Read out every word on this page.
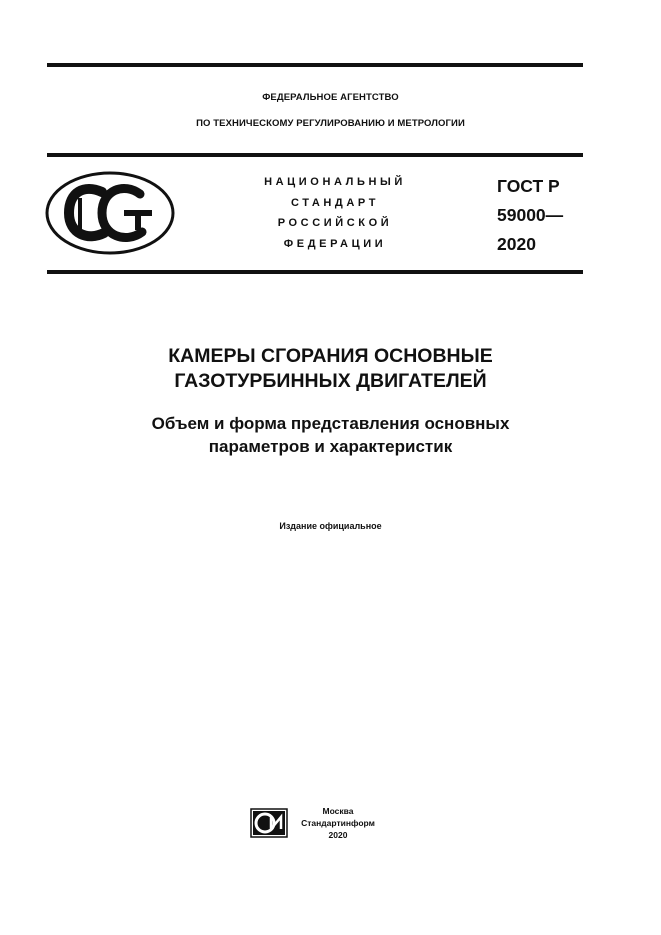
ФЕДЕРАЛЬНОЕ АГЕНТСТВО
ПО ТЕХНИЧЕСКОМУ РЕГУЛИРОВАНИЮ И МЕТРОЛОГИИ
НАЦИОНАЛЬНЫЙ
СТАНДАРТ
РОССИЙСКОЙ
ФЕДЕРАЦИИ
ГОСТ Р
59000—
2020
КАМЕРЫ СГОРАНИЯ ОСНОВНЫЕ
ГАЗОТУРБИННЫХ ДВИГАТЕЛЕЙ
Объем и форма представления основных
параметров и характеристик
Издание официальное
Москва
Стандартинформ
2020
